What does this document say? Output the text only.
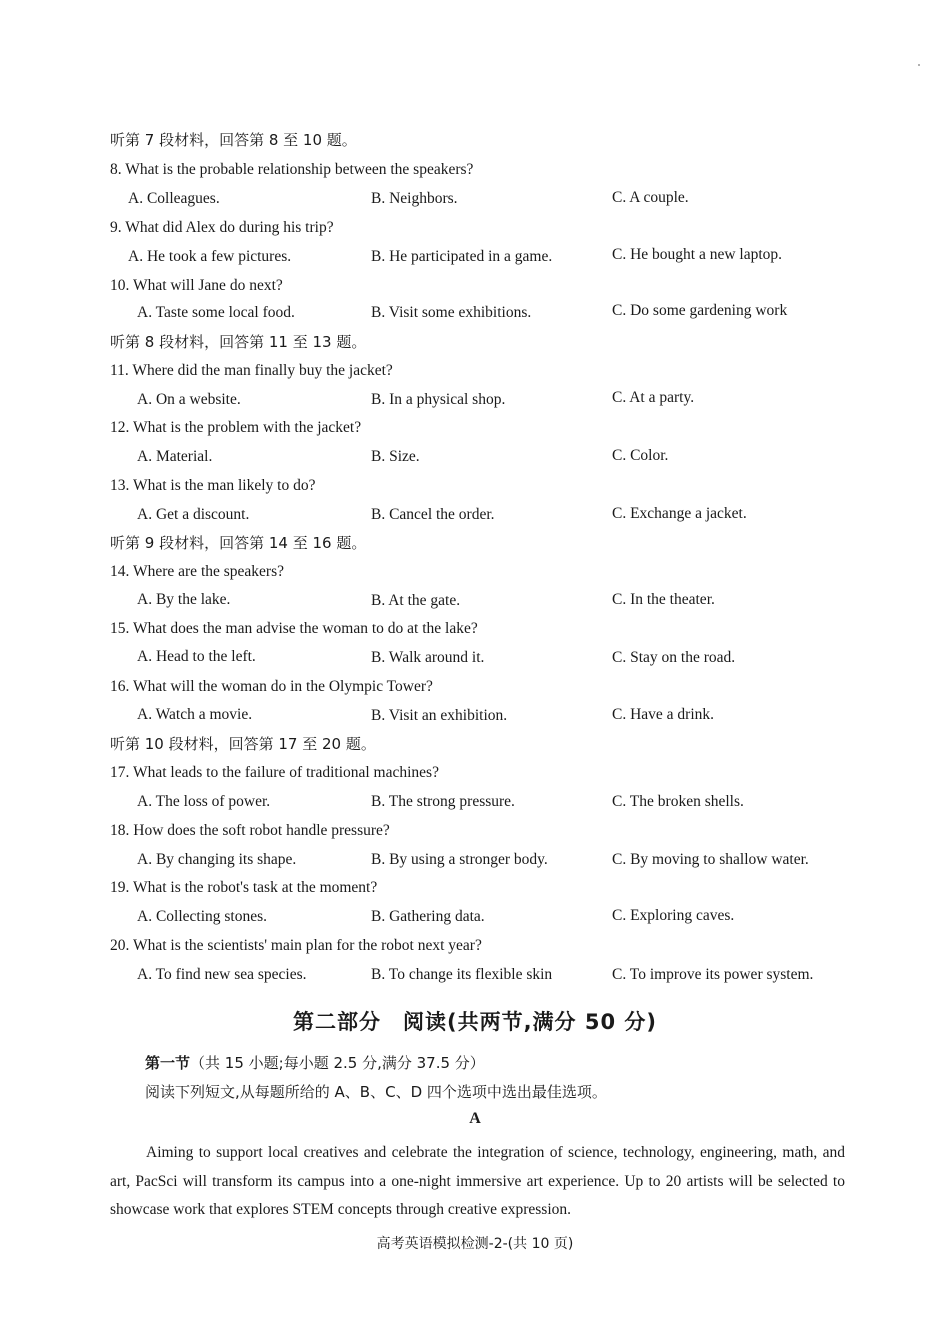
听第 7 段材料，回答第 8 至 10 题。
8. What is the probable relationship between the speakers?
A. Colleagues.	B. Neighbors.	C. A couple.
9. What did Alex do during his trip?
A. He took a few pictures.	B. He participated in a game.	C. He bought a new laptop.
10. What will Jane do next?
A. Taste some local food.	B. Visit some exhibitions.	C. Do some gardening work
听第 8 段材料，回答第 11 至 13 题。
11. Where did the man finally buy the jacket?
A. On a website.	B. In a physical shop.	C. At a party.
12. What is the problem with the jacket?
A. Material.	B. Size.	C. Color.
13. What is the man likely to do?
A. Get a discount.	B. Cancel the order.	C. Exchange a jacket.
听第 9 段材料，回答第 14 至 16 题。
14. Where are the speakers?
A. By the lake.	B. At the gate.	C. In the theater.
15. What does the man advise the woman to do at the lake?
A. Head to the left.	B. Walk around it.	C. Stay on the road.
16. What will the woman do in the Olympic Tower?
A. Watch a movie.	B. Visit an exhibition.	C. Have a drink.
听第 10 段材料，回答第 17 至 20 题。
17. What leads to the failure of traditional machines?
A. The loss of power.	B. The strong pressure.	C. The broken shells.
18. How does the soft robot handle pressure?
A. By changing its shape.	B. By using a stronger body.	C. By moving to shallow water.
19. What is the robot's task at the moment?
A. Collecting stones.	B. Gathering data.	C. Exploring caves.
20. What is the scientists' main plan for the robot next year?
A. To find new sea species.	B. To change its flexible skin	C. To improve its power system.
第二部分　阅读(共两节,满分 50 分)
第一节（共 15 小题;每小题 2.5 分,满分 37.5 分）
阅读下列短文,从每题所给的 A、B、C、D 四个选项中选出最佳选项。
A
Aiming to support local creatives and celebrate the integration of science, technology, engineering, math, and art, PacSci will transform its campus into a one-night immersive art experience. Up to 20 artists will be selected to showcase work that explores STEM concepts through creative expression.
高考英语模拟检测-2-(共 10 页)
